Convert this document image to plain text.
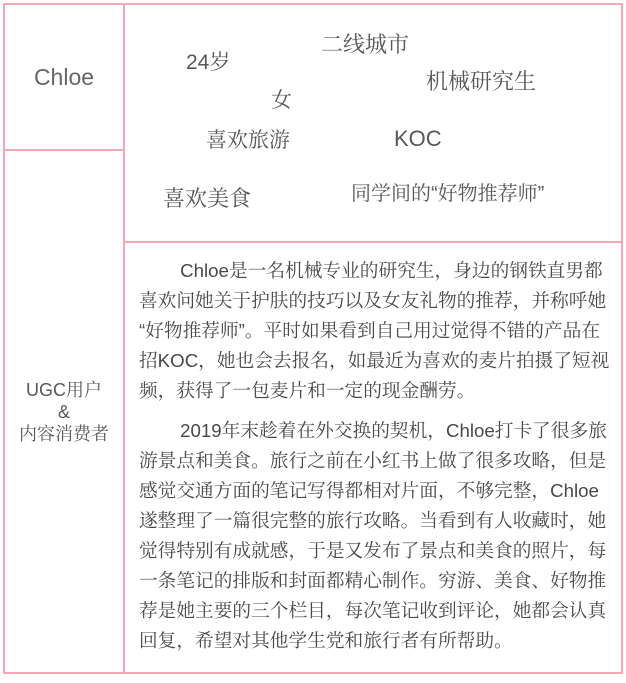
Chloe
UGC用户
&
内容消费者
24岁
二线城市
机械研究生
女
喜欢旅游	KOC
喜欢美食	同学间的“好物推荐师”

Chloe是一名机械专业的研究生，身边的钢铁直男都喜欢问她关于护肤的技巧以及女友礼物的推荐，并称呼她“好物推荐师”。平时如果看到自己用过觉得不错的产品在招KOC，她也会去报名，如最近为喜欢的麦片拍摄了短视频，获得了一包麦片和一定的现金酬劳。

2019年末趁着在外交换的契机，Chloe打卡了很多旅游景点和美食。旅行之前在小红书上做了很多攻略，但是感觉交通方面的笔记写得都相对片面，不够完整，Chloe遂整理了一篇很完整的旅行攻略。当看到有人收藏时，她觉得特别有成就感，于是又发布了景点和美食的照片，每一条笔记的排版和封面都精心制作。穷游、美食、好物推荐是她主要的三个栏目，每次笔记收到评论，她都会认真回复，希望对其他学生党和旅行者有所帮助。
